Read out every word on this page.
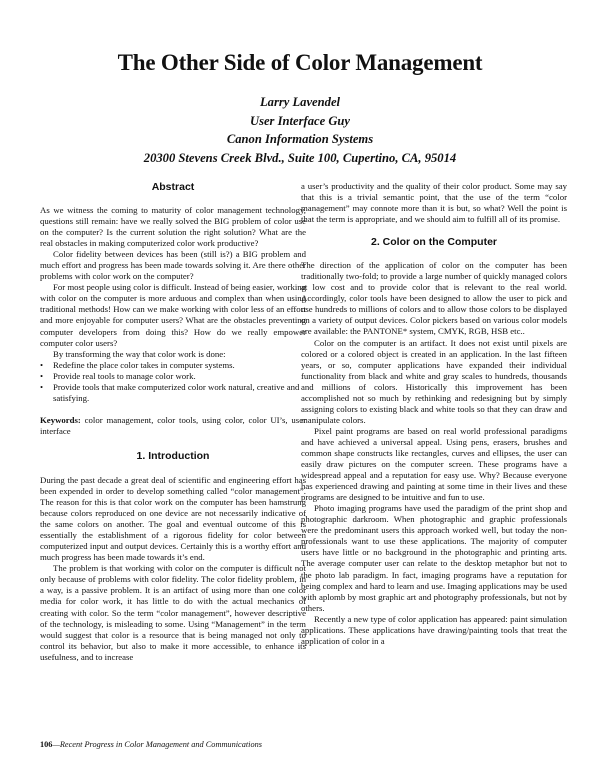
The Other Side of Color Management
Larry Lavendel
User Interface Guy
Canon Information Systems
20300 Stevens Creek Blvd., Suite 100, Cupertino, CA, 95014
Abstract

As we witness the coming to maturity of color management technology, questions still remain: have we really solved the BIG problem of color use on the computer? Is the current solution the right solution? What are the real obstacles in making computerized color work productive?

Color fidelity between devices has been (still is?) a BIG problem and much effort and progress has been made towards solving it. Are there other problems with color work on the computer?

For most people using color is difficult. Instead of being easier, working with color on the computer is more arduous and complex than when using traditional methods! How can we make working with color less of an effort and more enjoyable for computer users? What are the obstacles preventing computer developers from doing this? How do we really empower computer color users?

By transforming the way that color work is done:

• Redefine the place color takes in computer systems.
• Provide real tools to manage color work.
• Provide tools that make computerized color work natural, creative and satisfying.

Keywords: color management, color tools, using color, color UI’s, user interface

1. Introduction

During the past decade a great deal of scientific and engineering effort has been expended in order to develop something called “color management”. The reason for this is that color work on the computer has been hamstrung because colors reproduced on one device are not necessarily indicative of the same colors on another. The goal and eventual outcome of this is essentially the establishment of a rigorous fidelity for color between computerized input and output devices. Certainly this is a worthy effort and much progress has been made towards it’s end.

The problem is that working with color on the computer is difficult not only because of problems with color fidelity. The color fidelity problem, in a way, is a passive problem. It is an artifact of using more than one color media for color work, it has little to do with the actual mechanics of creating with color. So the term “color management”, however descriptive of the technology, is misleading to some. Using “Management” in the term would suggest that color is a resource that is being managed not only to control its behavior, but also to make it more accessible, to enhance its usefulness, and to increase

a user’s productivity and the quality of their color product. Some may say that this is a trivial semantic point, that the use of the term “color management” may connote more than it is but, so what? Well the point is that the term is appropriate, and we should aim to fulfill all of its promise.

2. Color on the Computer

The direction of the application of color on the computer has been traditionally two-fold; to provide a large number of quickly managed colors at low cost and to provide color that is relevant to the real world. Accordingly, color tools have been designed to allow the user to pick and use hundreds to millions of colors and to allow those colors to be displayed on a variety of output devices. Color pickers based on various color models are available: the PANTONE* system, CMYK, RGB, HSB etc..

Color on the computer is an artifact. It does not exist until pixels are colored or a colored object is created in an application. In the last fifteen years, or so, computer applications have expanded their individual functionality from black and white and gray scales to hundreds, thousands and millions of colors. Historically this improvement has been accomplished not so much by rethinking and redesigning but by simply assigning colors to existing black and white tools so that they can draw and manipulate colors.

Pixel paint programs are based on real world professional paradigms and have achieved a universal appeal. Using pens, erasers, brushes and common shape constructs like rectangles, curves and ellipses, the user can easily draw pictures on the computer screen. These programs have a widespread appeal and a reputation for easy use. Why? Because everyone has experienced drawing and painting at some time in their lives and these programs are designed to be intuitive and fun to use.

Photo imaging programs have used the paradigm of the print shop and photographic darkroom. When photographic and graphic professionals were the predominant users this approach worked well, but today the non-professionals want to use these applications. The majority of computer users have little or no background in the photographic and printing arts. The average computer user can relate to the desktop metaphor but not to the photo lab paradigm. In fact, imaging programs have a reputation for being complex and hard to learn and use. Imaging applications may be used with aplomb by most graphic art and photography professionals, but not by others.

Recently a new type of color application has appeared: paint simulation applications. These applications have drawing/painting tools that treat the application of color in a

106—Recent Progress in Color Management and Communications
